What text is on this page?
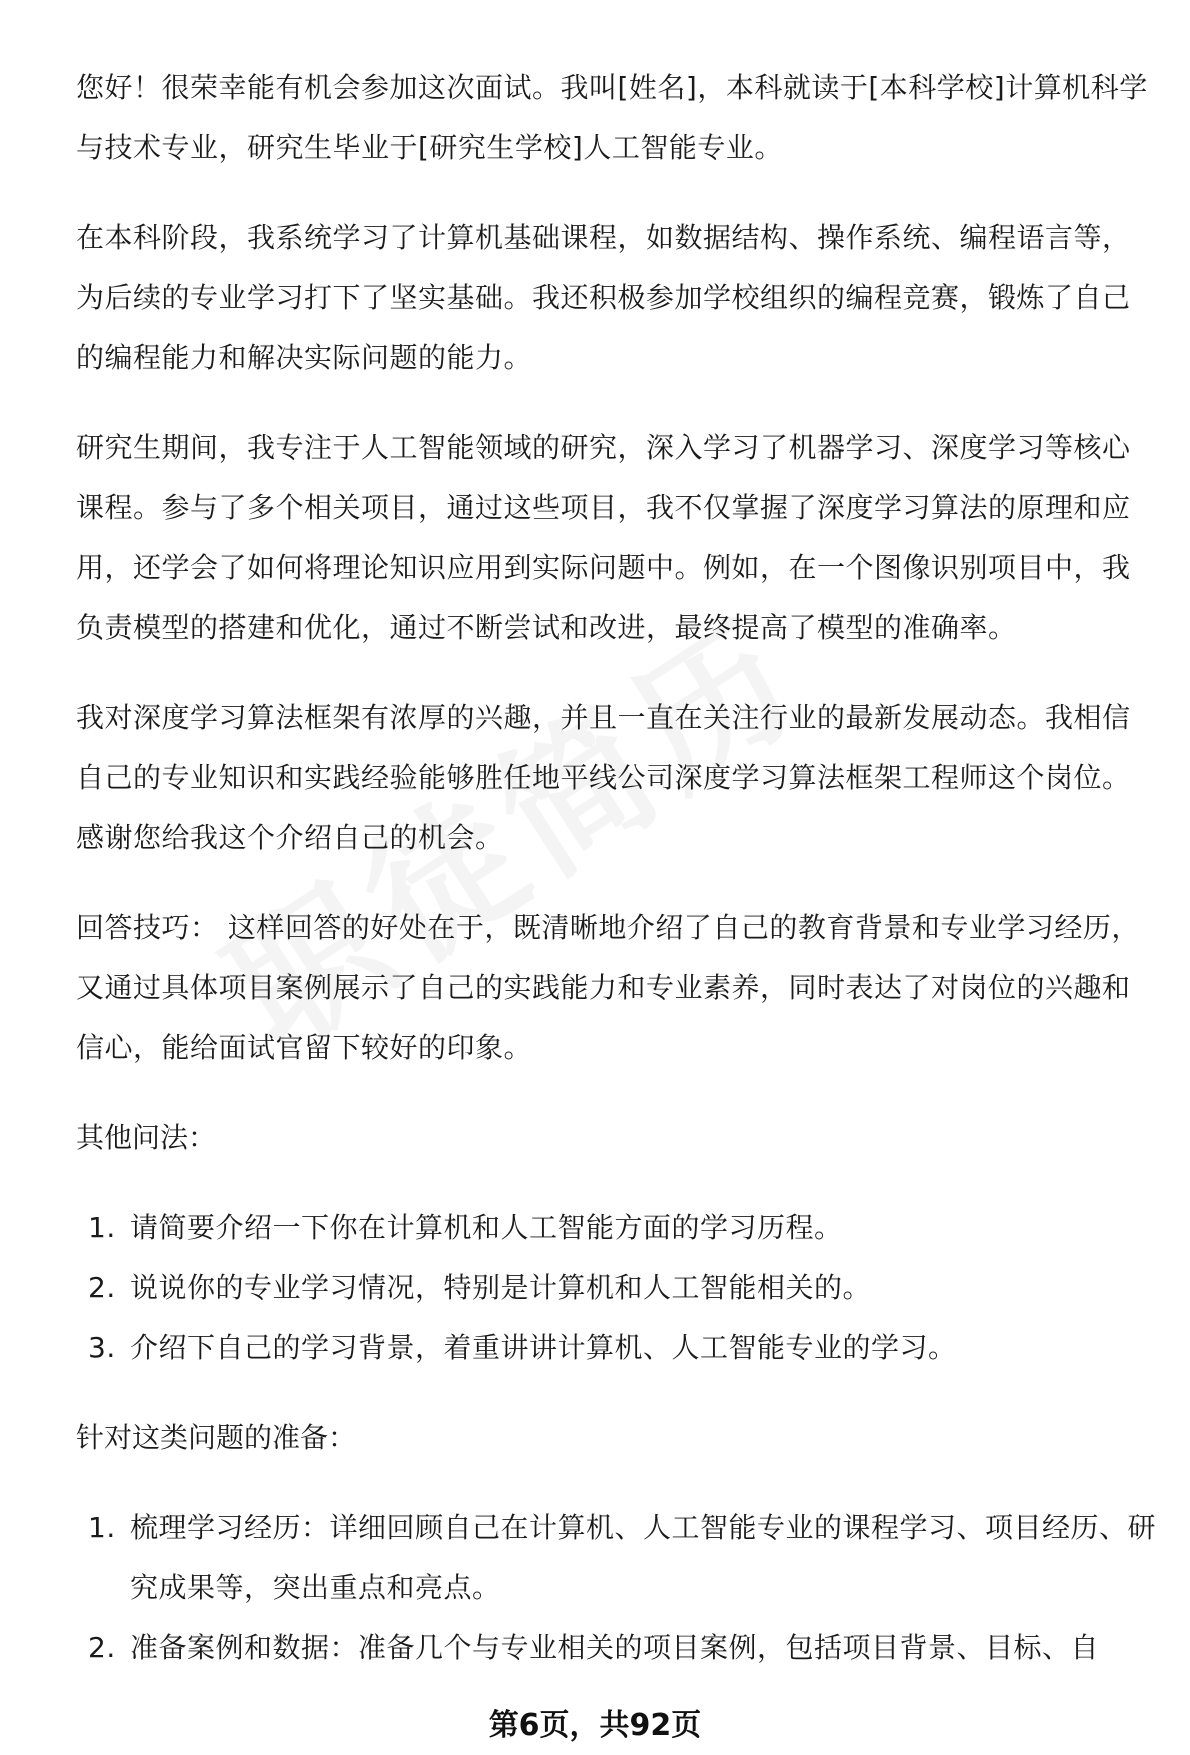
您好！很荣幸能有机会参加这次面试。我叫[姓名]，本科就读于[本科学校]计算机科学与技术专业，研究生毕业于[研究生学校]人工智能专业。

在本科阶段，我系统学习了计算机基础课程，如数据结构、操作系统、编程语言等，为后续的专业学习打下了坚实基础。我还积极参加学校组织的编程竞赛，锻炼了自己的编程能力和解决实际问题的能力。

研究生期间，我专注于人工智能领域的研究，深入学习了机器学习、深度学习等核心课程。参与了多个相关项目，通过这些项目，我不仅掌握了深度学习算法的原理和应用，还学会了如何将理论知识应用到实际问题中。例如，在一个图像识别项目中，我负责模型的搭建和优化，通过不断尝试和改进，最终提高了模型的准确率。

我对深度学习算法框架有浓厚的兴趣，并且一直在关注行业的最新发展动态。我相信自己的专业知识和实践经验能够胜任地平线公司深度学习算法框架工程师这个岗位。感谢您给我这个介绍自己的机会。

回答技巧： 这样回答的好处在于，既清晰地介绍了自己的教育背景和专业学习经历，又通过具体项目案例展示了自己的实践能力和专业素养，同时表达了对岗位的兴趣和信心，能给面试官留下较好的印象。

其他问法：

1. 请简要介绍一下你在计算机和人工智能方面的学习历程。
2. 说说你的专业学习情况，特别是计算机和人工智能相关的。
3. 介绍下自己的学习背景，着重讲讲计算机、人工智能专业的学习。

针对这类问题的准备：

1. 梳理学习经历：详细回顾自己在计算机、人工智能专业的课程学习、项目经历、研究成果等，突出重点和亮点。
2. 准备案例和数据：准备几个与专业相关的项目案例，包括项目背景、目标、自
第6页，共92页
